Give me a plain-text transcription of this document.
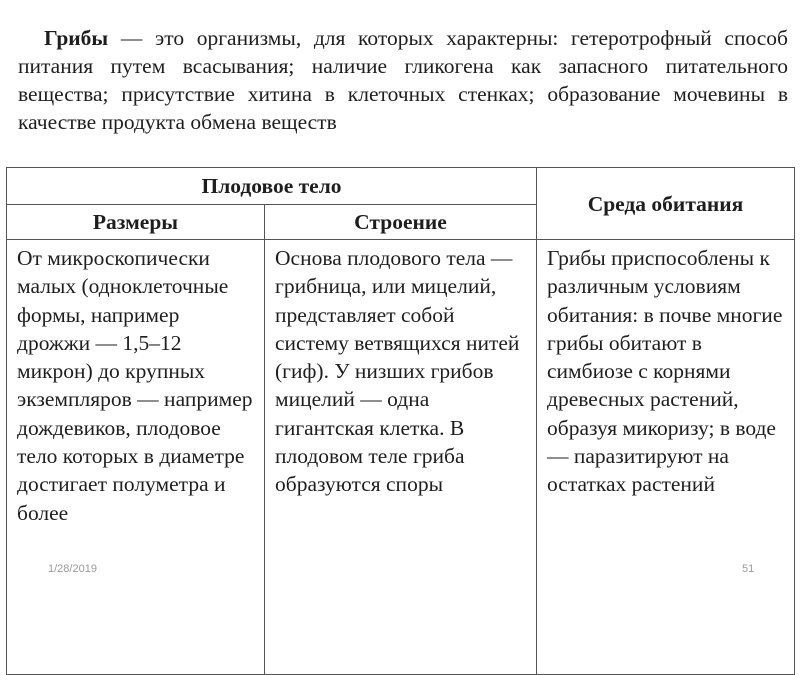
Грибы — это организмы, для которых характерны: гетеротрофный способ питания путем всасывания; наличие гликогена как запасного питательного вещества; присутствие хитина в клеточных стенках; образование мочевины в качестве продукта обмена веществ

Плодовое тело		Среда обитания
Размеры	Строение	
От микроскопически малых (одноклеточные формы, например дрожжи — 1,5–12 микрон) до крупных экземпляров — например дождевиков, плодовое тело которых в диаметре достигает полуметра и более	Основа плодового тела — грибница, или мицелий, представляет собой систему ветвящихся нитей (гиф). У низших грибов мицелий — одна гигантская клетка. В плодовом теле гриба образуются споры	Грибы приспособлены к различным условиям обитания: в почве многие грибы обитают в симбиозе с корнями древесных растений, образуя микоризу; в воде — паразитируют на остатках растений
1/28/2019	51
